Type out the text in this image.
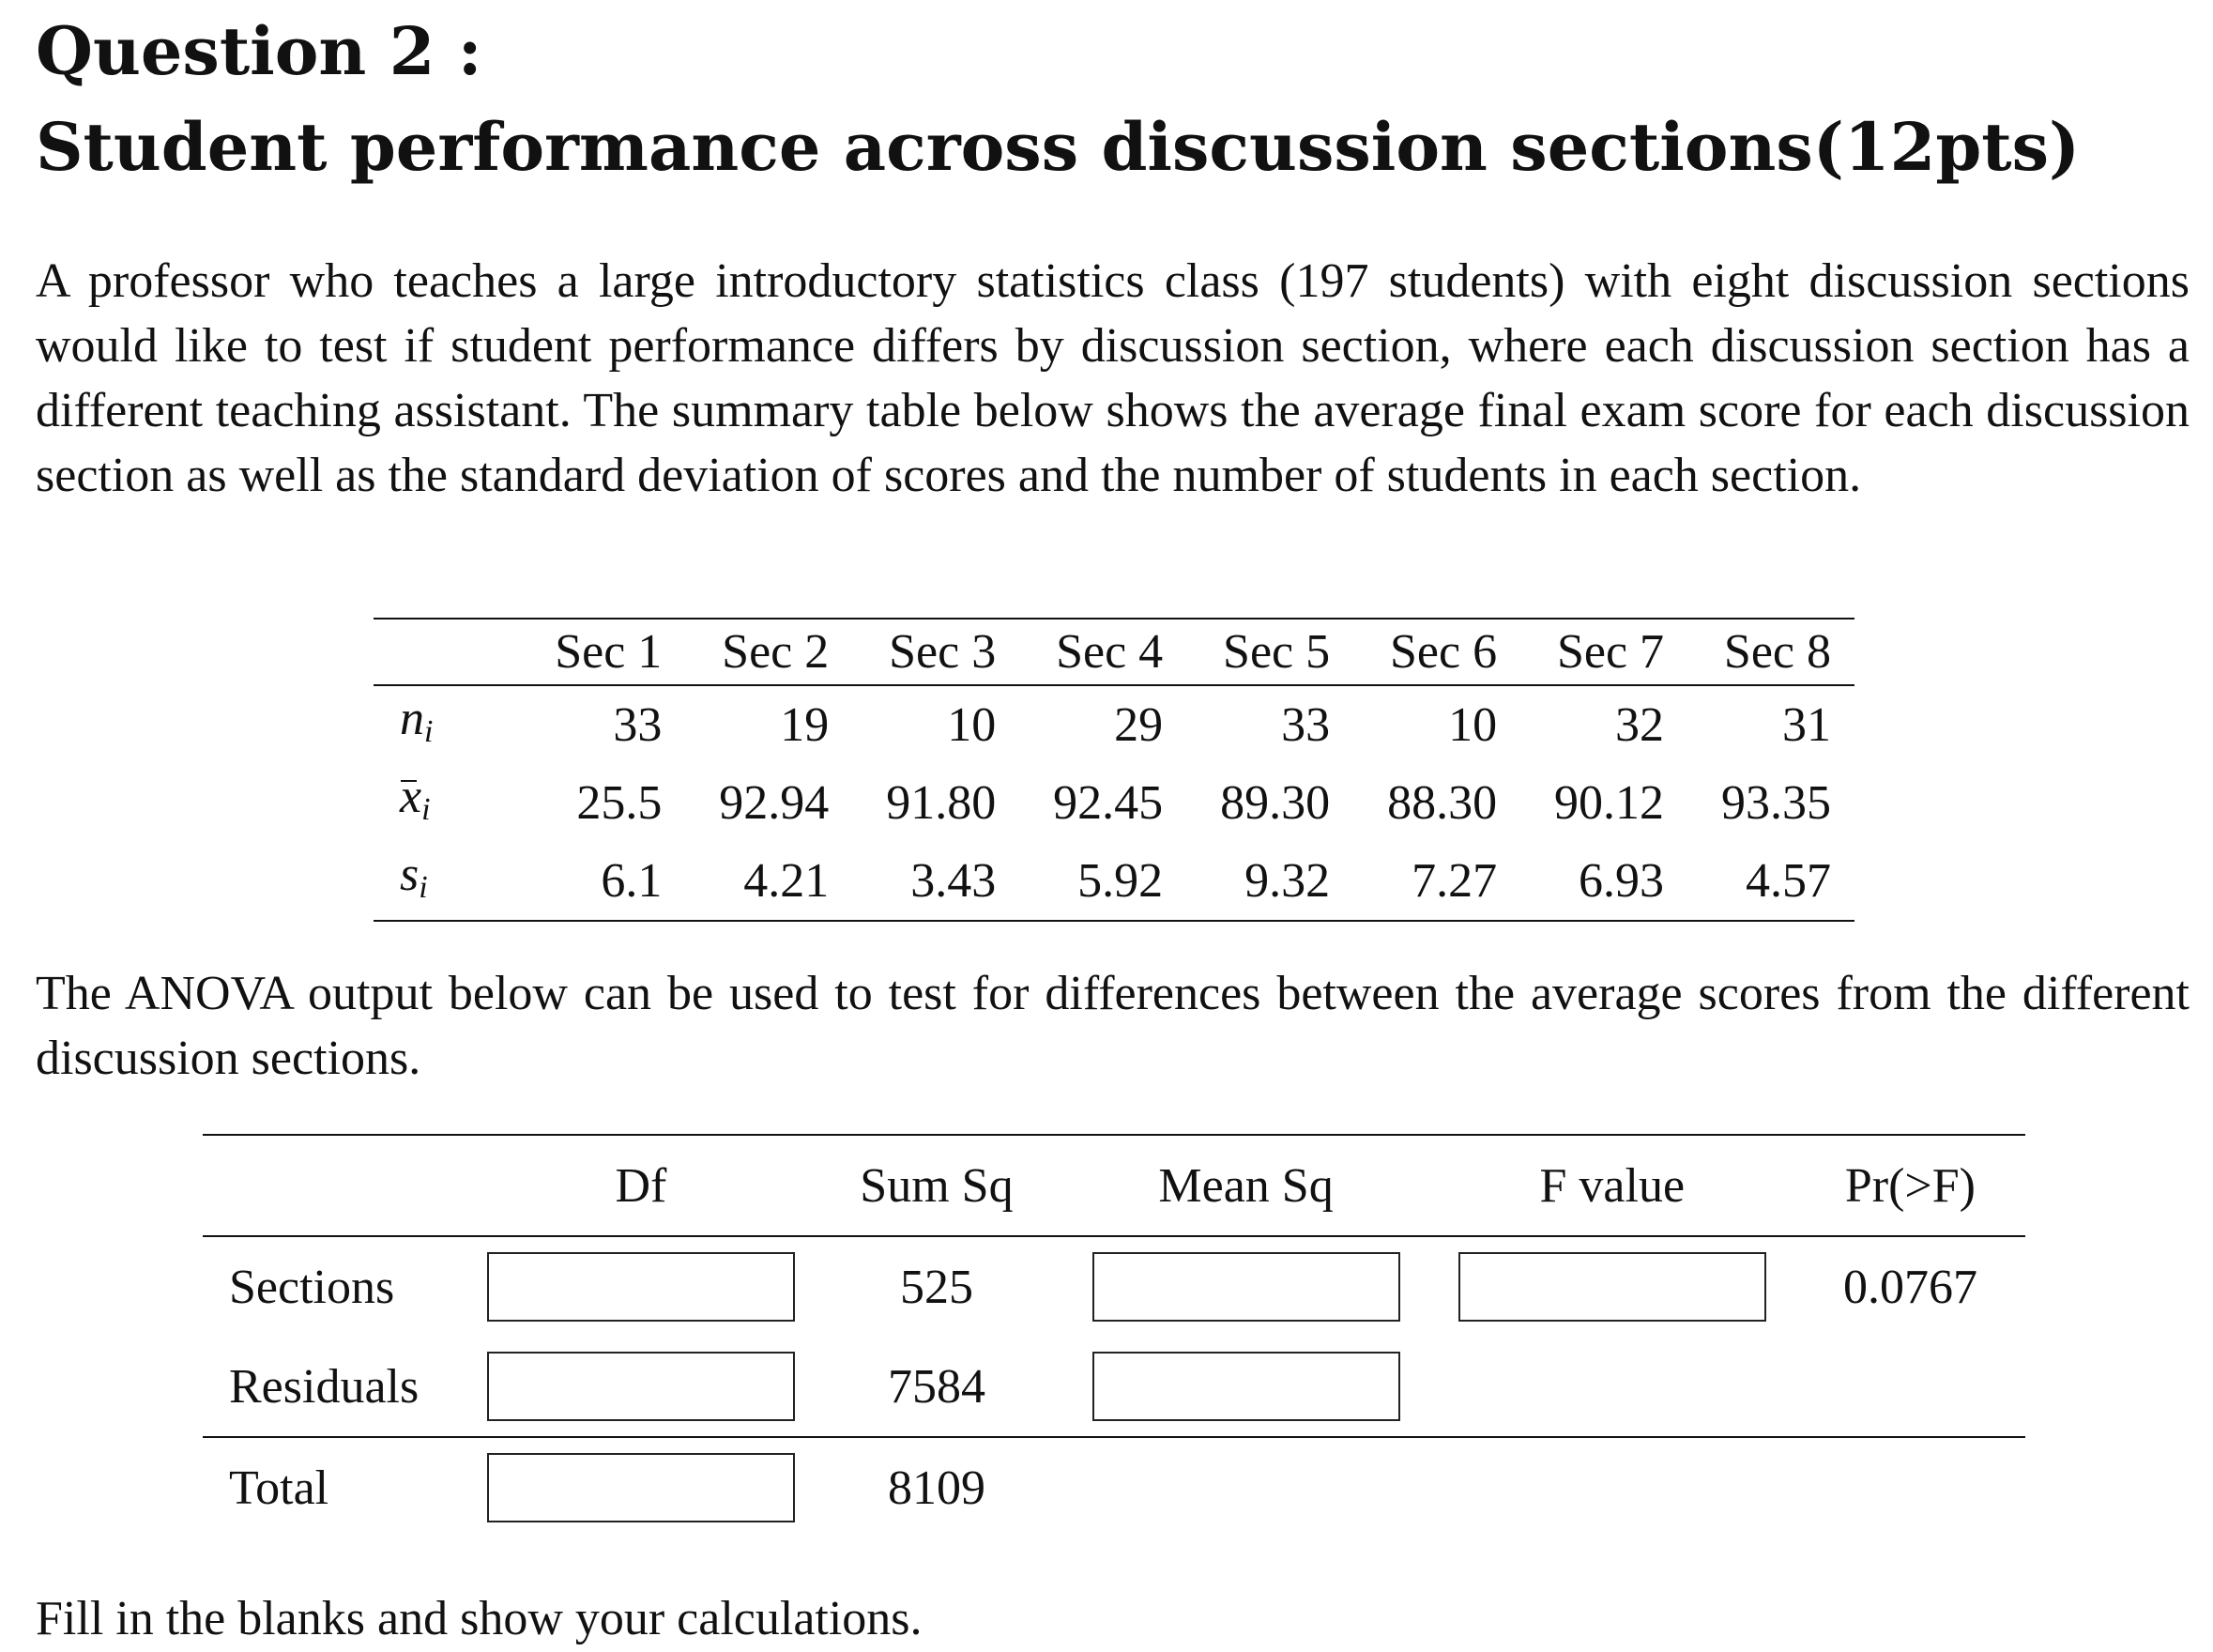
Question 2 :
Student performance across discussion sections(12pts)

A professor who teaches a large introductory statistics class (197 students) with eight discussion sections would like to test if student performance differs by discussion section, where each discussion section has a different teaching assistant. The summary table below shows the average final exam score for each discussion section as well as the standard deviation of scores and the number of students in each section.

	Sec 1	Sec 2	Sec 3	Sec 4	Sec 5	Sec 6	Sec 7	Sec 8
$n_i$	33	19	10	29	33	10	32	31
$x_i$	25.5	92.94	91.80	92.45	89.30	88.30	90.12	93.35
$s_i$	6.1	4.21	3.43	5.92	9.32	7.27	6.93	4.57

The ANOVA output below can be used to test for differences between the average scores from the different discussion sections.

	Df	Sum Sq	Mean Sq	F value	Pr(>F)
Sections		525			0.0767
Residuals		7584			
Total		8109			

Fill in the blanks and show your calculations.
